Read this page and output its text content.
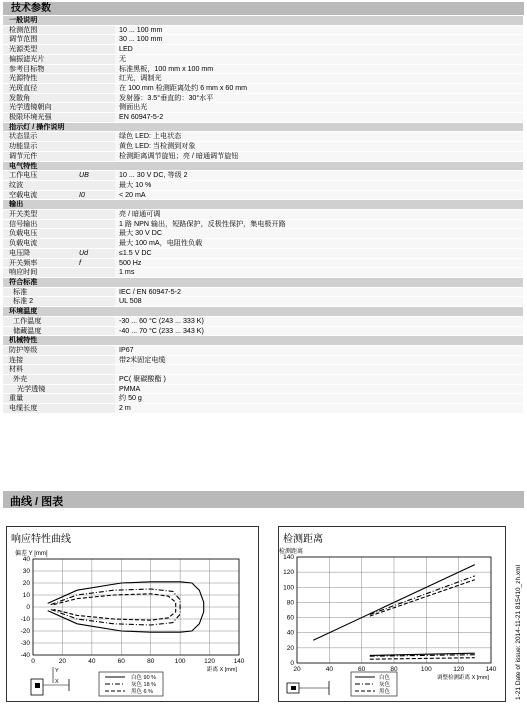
技术参数
一般说明		
检测范围		10 ... 100 mm
调节范围		30 ... 100 mm
光源类型		LED
偏振滤光片		无
参考目标物		标准黑板，100 mm x 100 mm
光源特性		红光，调制光
光斑直径		在 100 mm 检测距离处约 6 mm x 60 mm
发散角		发射器：3.5°垂直的：30°水平
光学透镜朝向		侧面出光
极限环境光强		EN 60947-5-2
指示灯 / 操作说明		
状态显示		绿色 LED: 上电状态
功能显示		黄色 LED: 当检测到对象
调节元件		检测距离调节旋钮；亮 / 暗通调节旋钮
电气特性		
工作电压	UB	10 ... 30 V DC, 等级 2
纹波		最大 10 %
空载电流	I0	< 20 mA
输出		
开关类型		亮 / 暗通可调
信号输出		1 路 NPN 输出，短路保护，反极性保护，集电极开路
负载电压		最大 30 V DC
负载电流		最大 100 mA，电阻性负载
电压降	Ud	≤1.5 V DC
开关频率	f	500 Hz
响应时间		1 ms
符合标准		
标准		IEC / EN 60947-5-2
标准 2		UL 508
环境温度		
工作温度		-30 ... 60 °C (243 ... 333 K)
储藏温度		-40 ... 70 °C (233 ... 343 K)
机械特性		
防护等级		IP67
连接		带2米固定电缆
材料		
外壳		PC( 聚碳酸酯 )
光学透镜		PMMA
重量		约 50 g
电缆长度		2 m
曲线 / 图表
响应特性曲线
偏差 Y [mm]
0	20	40	60	80	100	120	140
-40
-30
-20
-10
0
10
20
30
40
距离 X [mm]
白色 90 %
灰色 18 %
黑色 6 %
Y
X
检测距离
检测距离
20	40	60	80	100	120	140
0
20
40
60
80
100
120
140
调整检测距离 X [mm]
白色
灰色
黑色	1-21 Date of issue: 2014-11-21 815410_zh.xml
